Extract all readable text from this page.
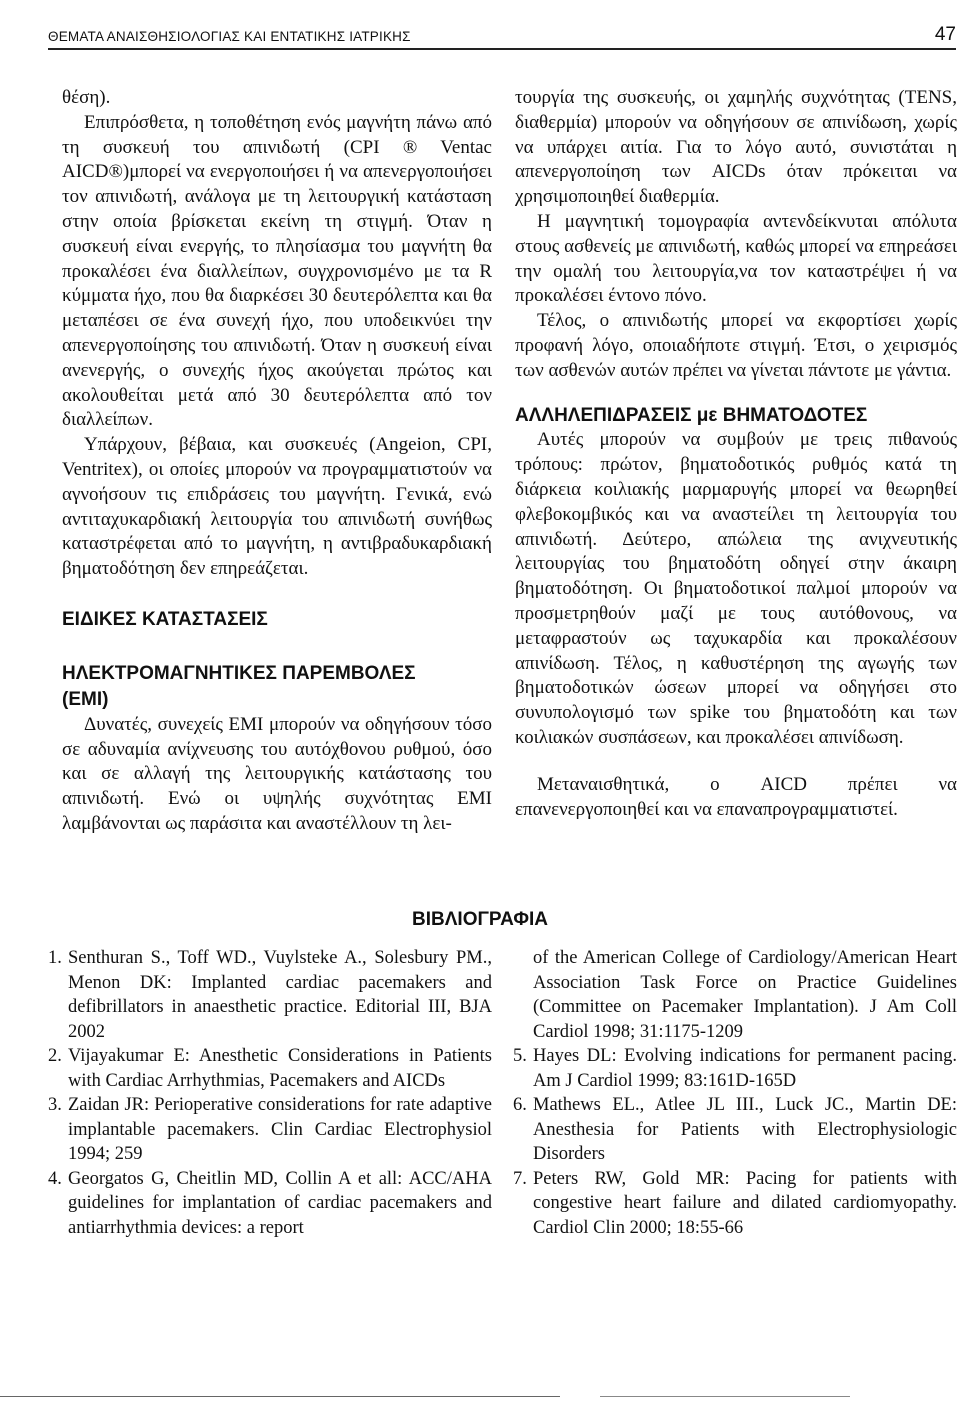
ΘΕΜΑΤΑ ΑΝΑΙΣΘΗΣΙΟΛΟΓΙΑΣ ΚΑΙ ΕΝΤΑΤΙΚΗΣ ΙΑΤΡΙΚΗΣ	47

θέση).

Επιπρόσθετα, η τοποθέτηση ενός μαγνήτη πάνω από τη συσκευή του απινιδωτή (CPI ® Ventac AICD®)μπορεί να ενεργοποιήσει ή να απενεργοποιήσει τον απινιδωτή, ανάλογα με τη λειτουργική κατάσταση στην οποία βρίσκεται εκείνη τη στιγμή. Όταν η συσκευή είναι ενεργής, το πλησίασμα του μαγνήτη θα προκαλέσει ένα διαλλείπων, συγχρονισμένο με τα R κύμματα ήχο, που θα διαρκέσει 30 δευτερόλεπτα και θα μεταπέσει σε ένα συνεχή ήχο, που υποδεικνύει την απενεργοποίησης του απινιδωτή. Όταν η συσκευή είναι ανενεργής, ο συνεχής ήχος ακούγεται πρώτος και ακολουθείται μετά από 30 δευτερόλεπτα από τον διαλλείπων.

Υπάρχουν, βέβαια, και συσκευές (Angeion, CPI, Ventritex), οι οποίες μπορούν να προγραμματιστούν να αγνοήσουν τις επιδράσεις του μαγνήτη. Γενικά, ενώ αντιταχυκαρδιακή λειτουργία του απινιδωτή συνήθως καταστρέφεται από το μαγνήτη, η αντιβραδυκαρδιακή βηματοδότηση δεν επηρεάζεται.

ΕΙΔΙΚΕΣ ΚΑΤΑΣΤΑΣΕΙΣ
ΗΛΕΚΤΡΟΜΑΓΝΗΤΙΚΕΣ ΠΑΡΕΜΒΟΛΕΣ
(EMI)

Δυνατές, συνεχείς EMI μπορούν να οδηγήσουν τόσο σε αδυναμία ανίχνευσης του αυτόχθονου ρυθμού, όσο και σε αλλαγή της λειτουργικής κατάστασης του απινιδωτή. Ενώ οι υψηλής συχνότητας EMI λαμβάνονται ως παράσιτα και αναστέλλουν τη λει-

τουργία της συσκευής, οι χαμηλής συχνότητας (TENS, διαθερμία) μπορούν να οδηγήσουν σε απινίδωση, χωρίς να υπάρχει αιτία. Για το λόγο αυτό, συνιστάται η απενεργοποίηση των AICDs όταν πρόκειται να χρησιμοποιηθεί διαθερμία.

Η μαγνητική τομογραφία αντενδείκνυται απόλυτα στους ασθενείς με απινιδωτή, καθώς μπορεί να επηρεάσει την ομαλή του λειτουργία,να τον καταστρέψει ή να προκαλέσει έντονο πόνο.

Τέλος, ο απινιδωτής μπορεί να εκφορτίσει χωρίς προφανή λόγο, οποιαδήποτε στιγμή. Έτσι, ο χειρισμός των ασθενών αυτών πρέπει να γίνεται πάντοτε με γάντια.

ΑΛΛΗΛΕΠΙΔΡΑΣΕΙΣ με ΒΗΜΑΤΟΔΟΤΕΣ

Αυτές μπορούν να συμβούν με τρεις πιθανούς τρόπους: πρώτον, βηματοδοτικός ρυθμός κατά τη διάρκεια κοιλιακής μαρμαρυγής μπορεί να θεωρηθεί φλεβοκομβικός και να αναστείλει τη λειτουργία του απινιδωτή. Δεύτερο, απώλεια της ανιχνευτικής λειτουργίας του βηματοδότη οδηγεί στην άκαιρη βηματοδότηση. Οι βηματοδοτικοί παλμοί μπορούν να προσμετρηθούν μαζί με τους αυτόθονους, να μεταφραστούν ως ταχυκαρδία και προκαλέσουν απινίδωση. Τέλος, η καθυστέρηση της αγωγής των βηματοδοτικών ώσεων μπορεί να οδηγήσει στο συνυπολογισμό των spike του βηματοδότη και των κοιλιακών συσπάσεων, και προκαλέσει απινίδωση.

Μεταναισθητικά, ο AICD πρέπει να επανενεργοποιηθεί και να επαναπρογραμματιστεί.

ΒΙΒΛΙΟΓΡΑΦΙΑ
1. Senthuran S., Toff WD., Vuylsteke A., Solesbury PM., Menon DK: Implanted cardiac pacemakers and defibrillators in anaesthetic practice. Editorial III, BJA 2002
2. Vijayakumar E: Anesthetic Considerations in Patients with Cardiac Arrhythmias, Pacemakers and AICDs
3. Zaidan JR: Perioperative considerations for rate adaptive implantable pacemakers. Clin Cardiac Electrophysiol 1994; 259
4. Georgatos G, Cheitlin MD, Collin A et all: ACC/AHA guidelines for implantation of cardiac pacemakers and antiarrhythmia devices: a report
of the American College of Cardiology/American Heart Association Task Force on Practice Guidelines (Committee on Pacemaker Implantation). J Am Coll Cardiol 1998; 31:1175-1209
5. Hayes DL: Evolving indications for permanent pacing. Am J Cardiol 1999; 83:161D-165D
6. Mathews EL., Atlee JL III., Luck JC., Martin DE: Anesthesia for Patients with Electrophysiologic Disorders
7. Peters RW, Gold MR: Pacing for patients with congestive heart failure and dilated cardiomyopathy. Cardiol Clin 2000; 18:55-66
